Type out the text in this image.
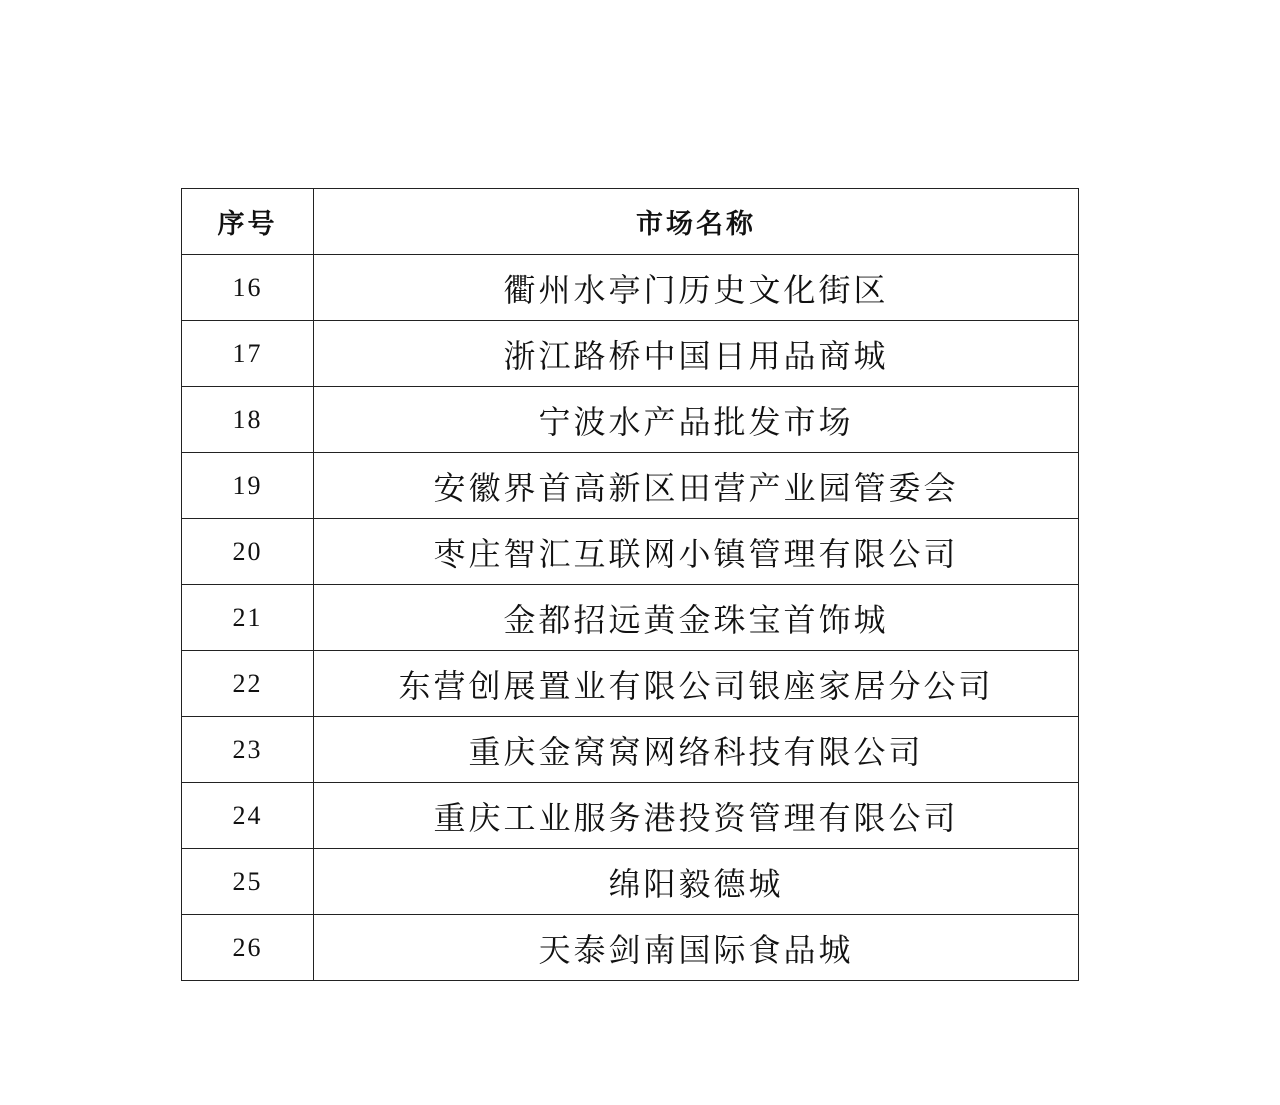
序号	市场名称
16	衢州水亭门历史文化街区
17	浙江路桥中国日用品商城
18	宁波水产品批发市场
19	安徽界首高新区田营产业园管委会
20	枣庄智汇互联网小镇管理有限公司
21	金都招远黄金珠宝首饰城
22	东营创展置业有限公司银座家居分公司
23	重庆金窝窝网络科技有限公司
24	重庆工业服务港投资管理有限公司
25	绵阳毅德城
26	天泰剑南国际食品城
